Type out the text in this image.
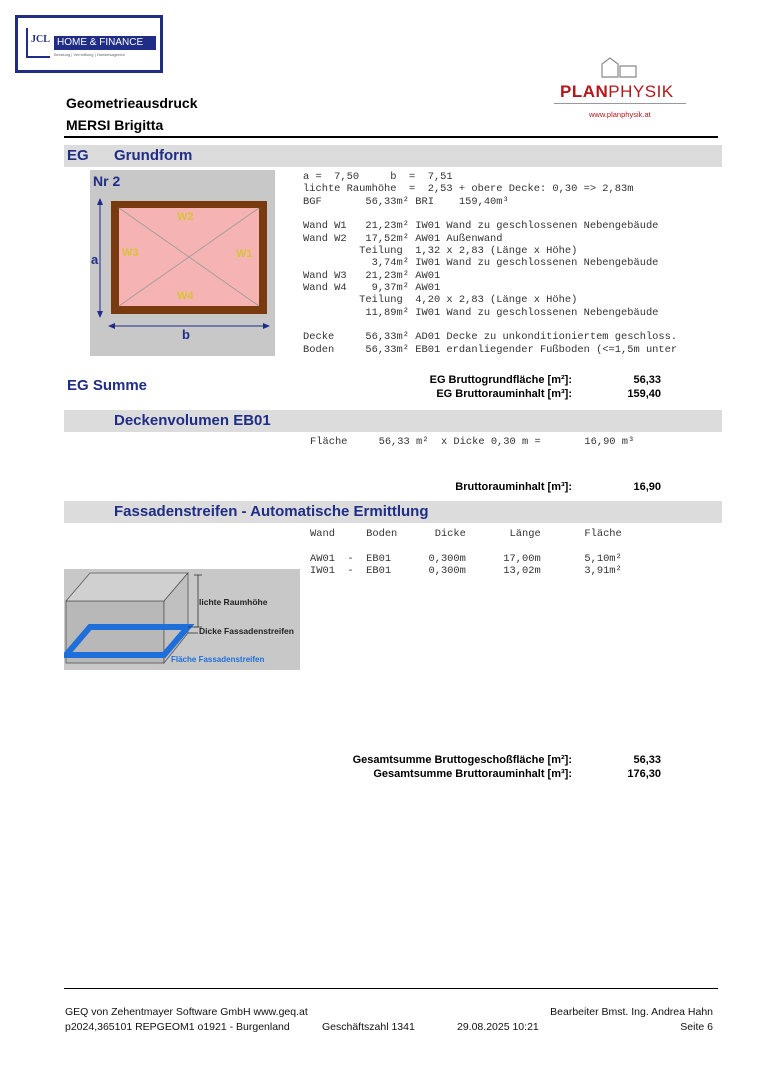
JCL HOME & FINANCE
Beratung | Vermittlung | Handelsagentur
PLANPHYSIK
www.planphysik.at
Geometrieausdruck
MERSI Brigitta
EG Grundform
Nr 2
W2
W3	W1
W4
a
b
a =  7,50     b  =  7,51
lichte Raumhöhe  =  2,53 + obere Decke: 0,30 => 2,83m
BGF       56,33m² BRI    159,40m³
Wand W1   21,23m² IW01 Wand zu geschlossenen Nebengebäude
Wand W2   17,52m² AW01 Außenwand
Teilung  1,32 x 2,83 (Länge x Höhe)
3,74m² IW01 Wand zu geschlossenen Nebengebäude
Wand W3   21,23m² AW01
Wand W4    9,37m² AW01
Teilung  4,20 x 2,83 (Länge x Höhe)
11,89m² IW01 Wand zu geschlossenen Nebengebäude
Decke     56,33m² AD01 Decke zu unkonditioniertem geschloss.
Boden     56,33m² EB01 erdanliegender Fußboden (<=1,5m unter
EG Summe	EG Bruttogrundfläche [m²]:	56,33
EG Bruttorauminhalt [m³]:	159,40
Deckenvolumen EB01
Fläche     56,33 m²  x Dicke 0,30 m =       16,90 m³
Bruttorauminhalt [m³]:	16,90
Fassadenstreifen - Automatische Ermittlung
Wand     Boden      Dicke       Länge       Fläche
AW01  -  EB01      0,300m      17,00m       5,10m²
IW01  -  EB01      0,300m      13,02m       3,91m²
lichte Raumhöhe
Dicke Fassadenstreifen
Fläche Fassadenstreifen
Gesamtsumme Bruttogeschoßfläche [m²]:	56,33
Gesamtsumme Bruttorauminhalt [m³]:	176,30
GEQ von Zehentmayer Software GmbH www.geq.at
p2024,365101 REPGEOM1 o1921 - Burgenland	Geschäftszahl 1341	29.08.2025 10:21
Bearbeiter Bmst. Ing. Andrea Hahn
Seite 6
